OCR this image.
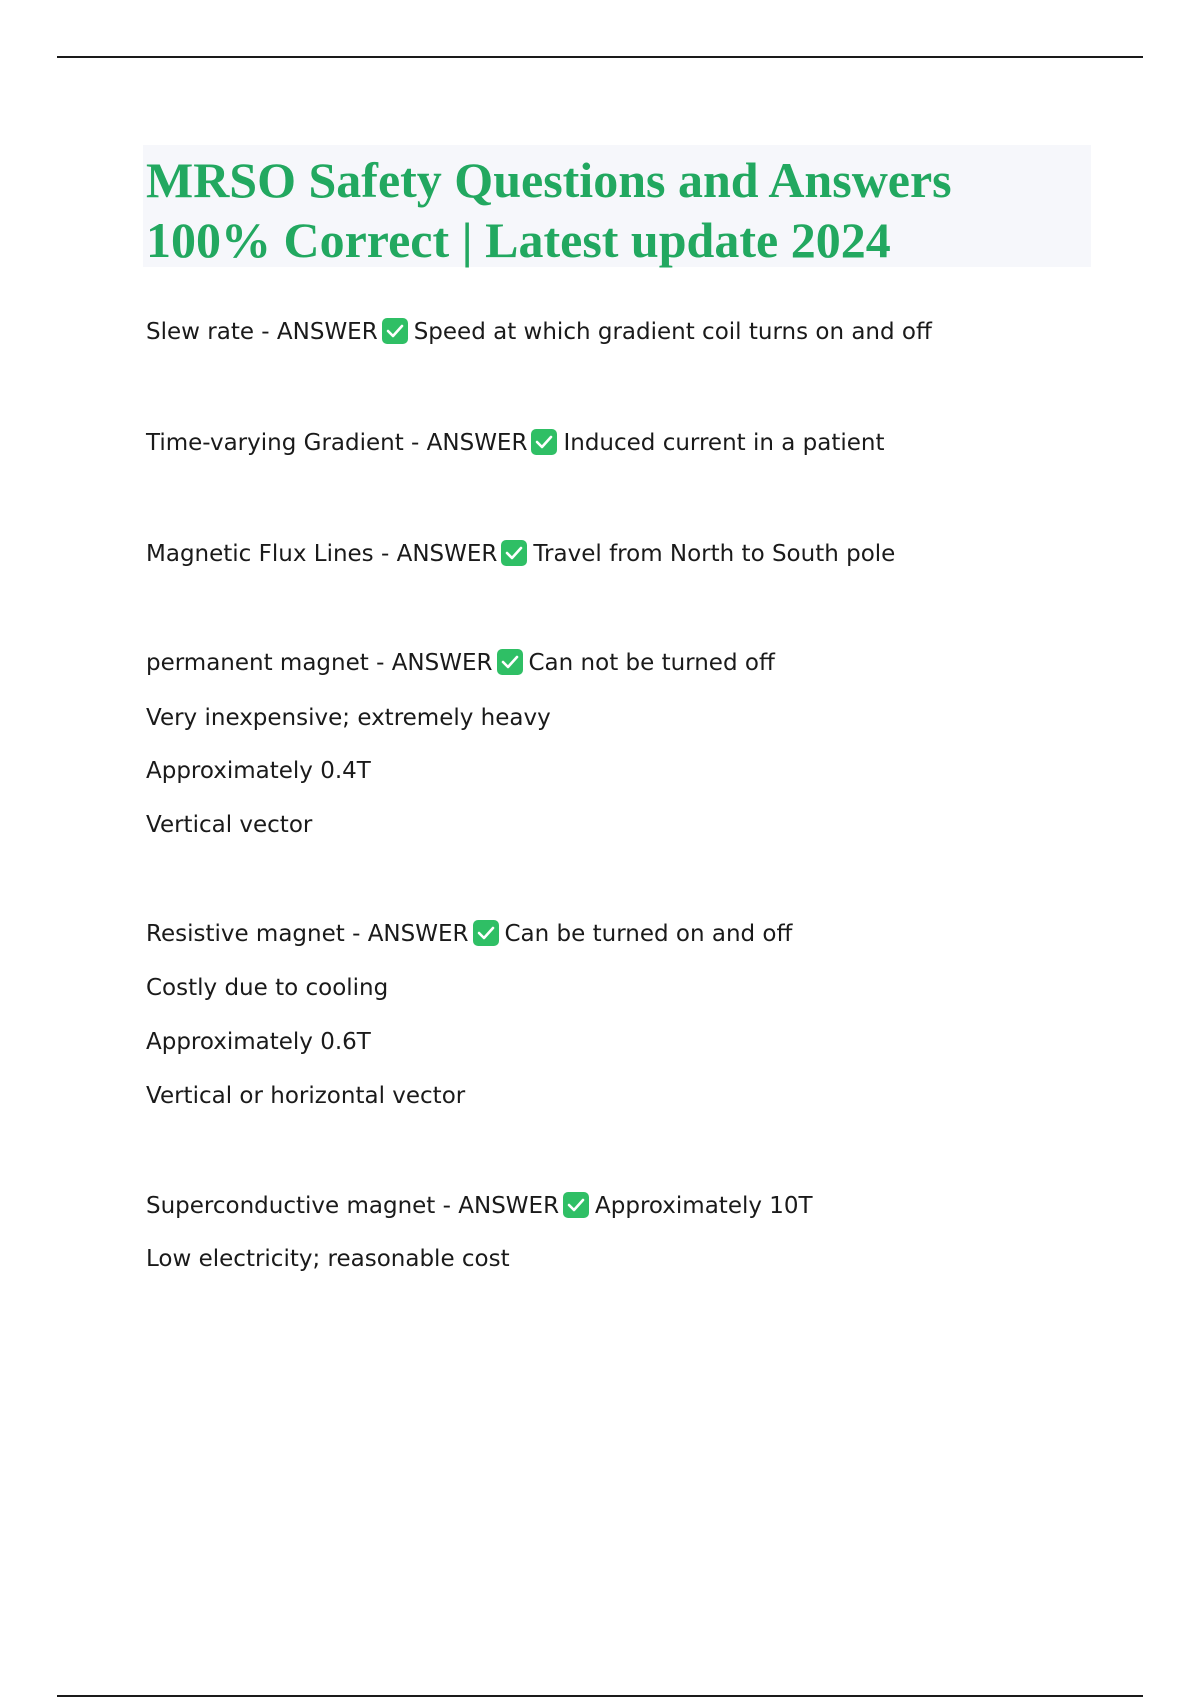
MRSO Safety Questions and Answers
100% Correct | Latest update 2024

Slew rate - ANSWER Speed at which gradient coil turns on and off

Time-varying Gradient - ANSWER Induced current in a patient

Magnetic Flux Lines - ANSWER Travel from North to South pole

permanent magnet - ANSWER Can not be turned off

Very inexpensive; extremely heavy

Approximately 0.4T

Vertical vector

Resistive magnet - ANSWER Can be turned on and off

Costly due to cooling

Approximately 0.6T

Vertical or horizontal vector

Superconductive magnet - ANSWER Approximately 10T

Low electricity; reasonable cost
